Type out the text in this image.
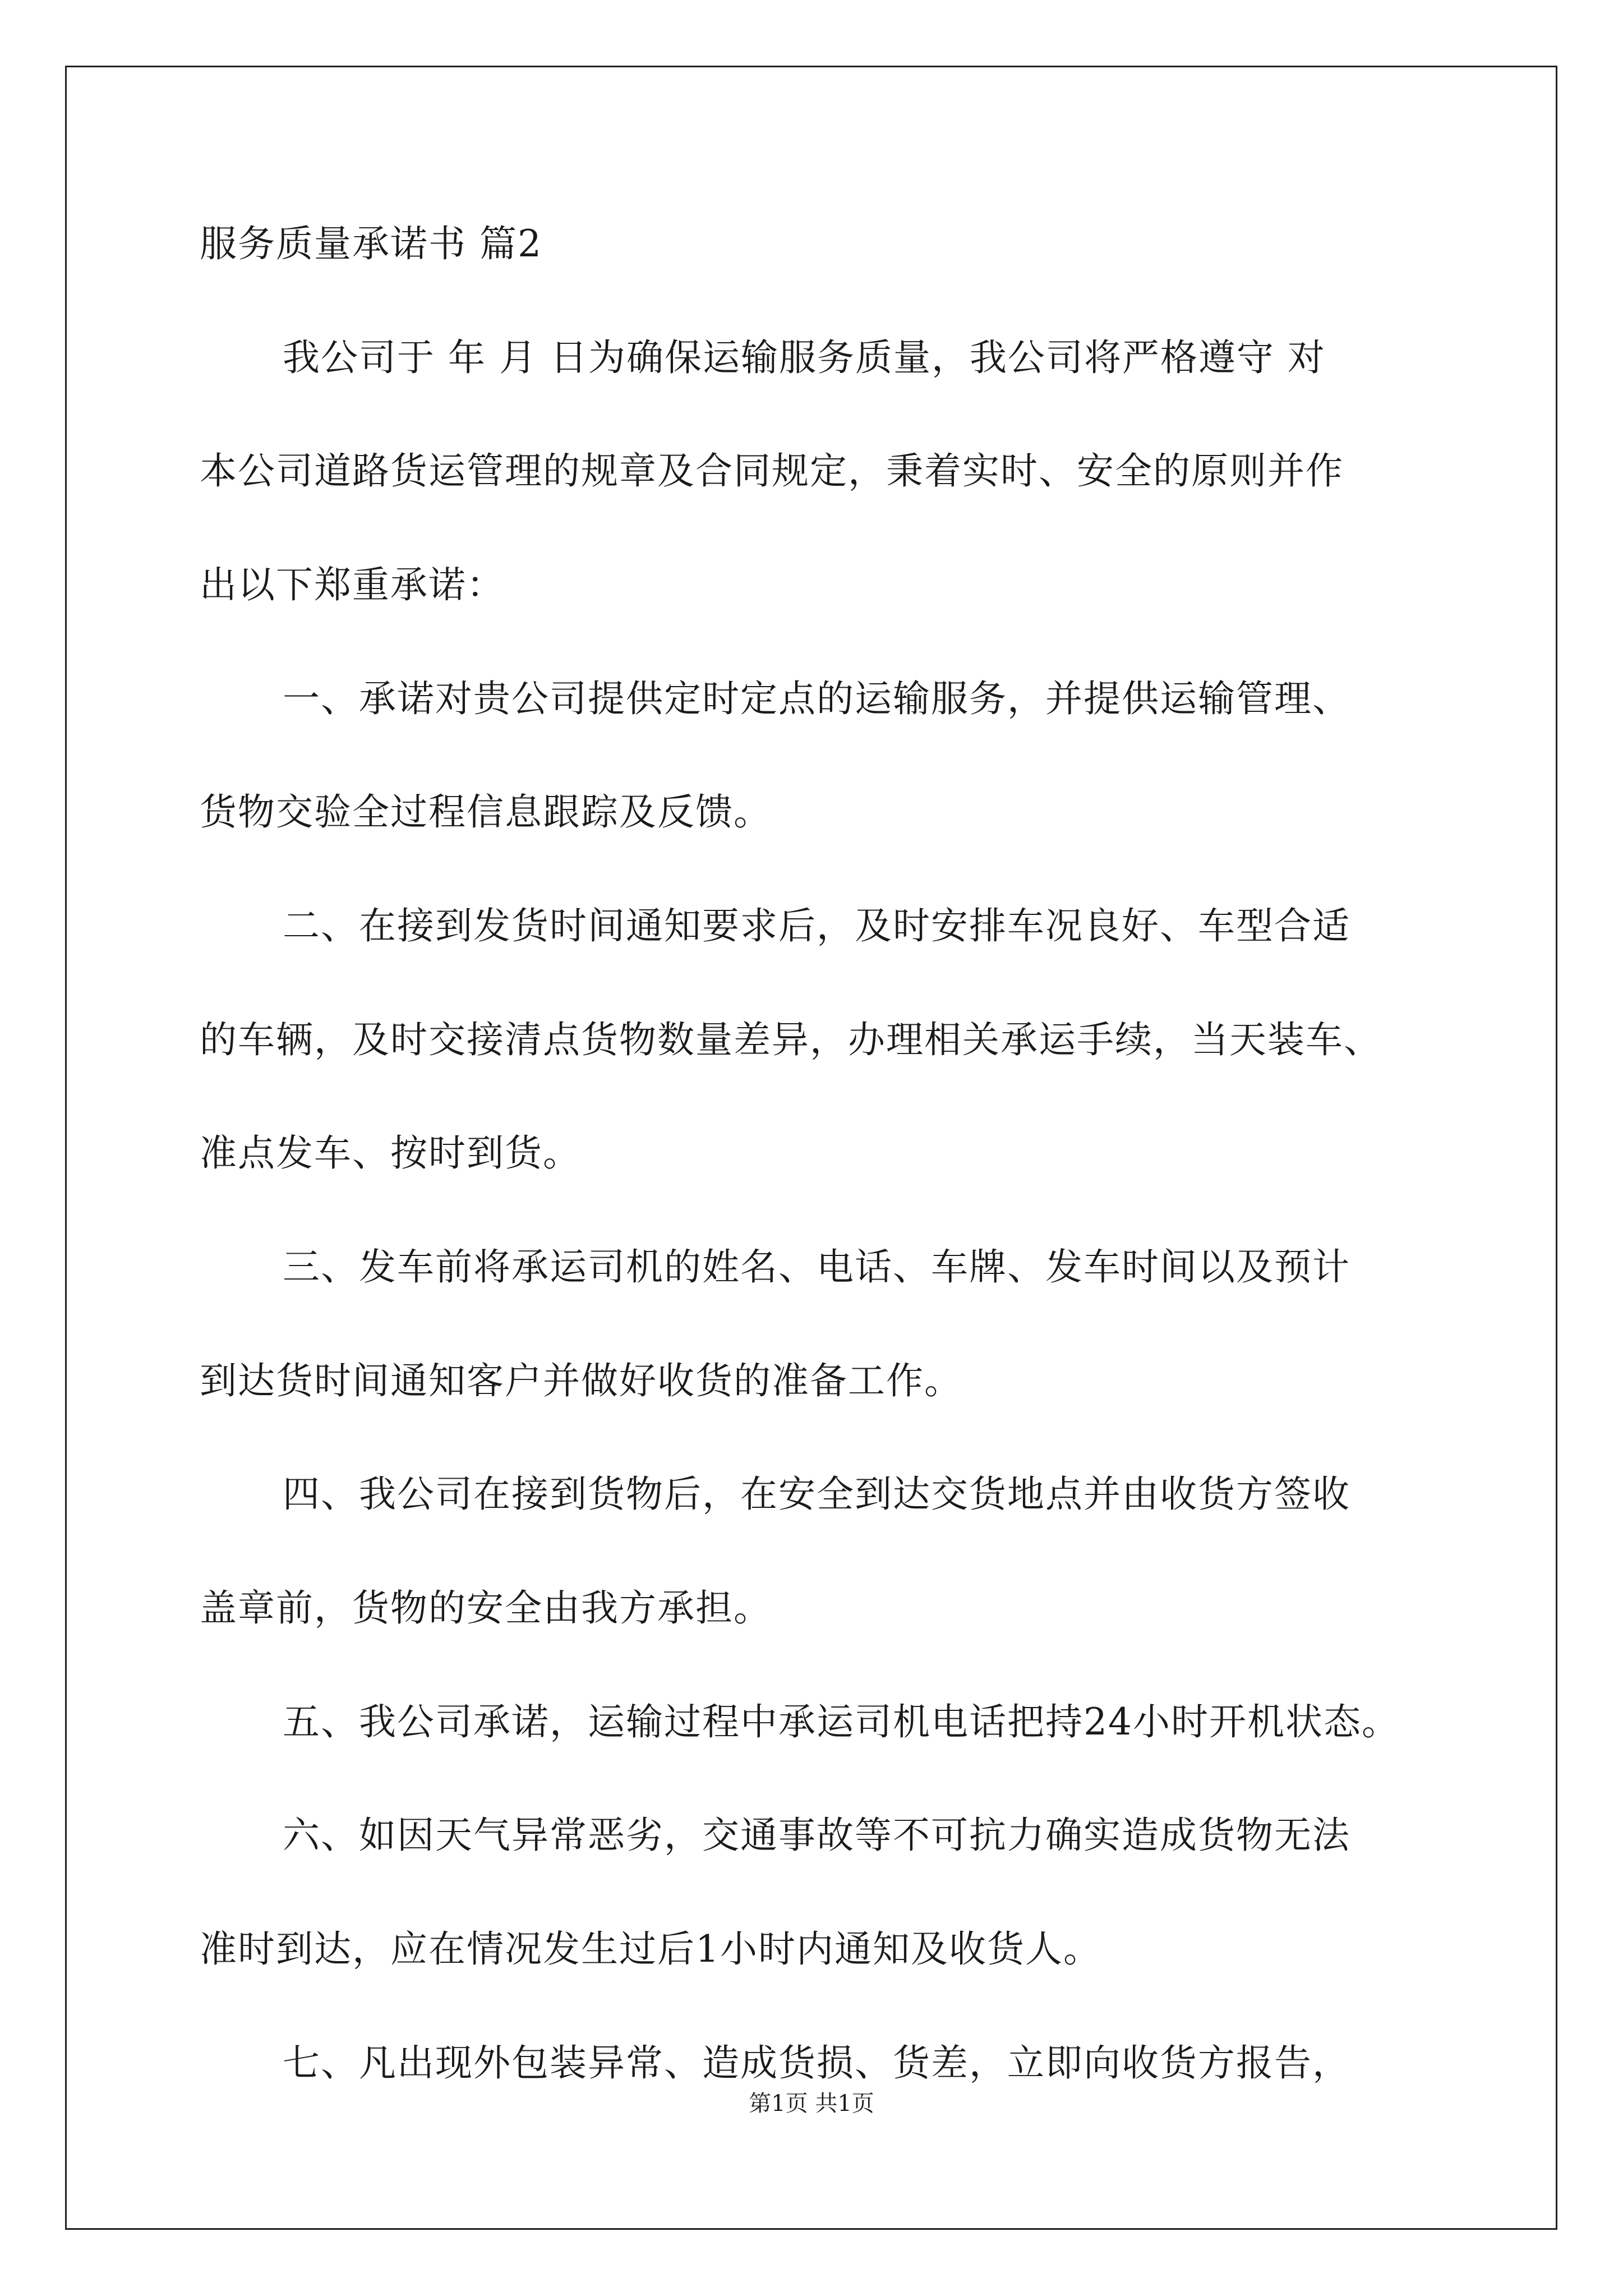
服务质量承诺书 篇2
我公司于 年 月 日为确保运输服务质量，我公司将严格遵守 对
本公司道路货运管理的规章及合同规定，秉着实时、安全的原则并作
出以下郑重承诺：
一、承诺对贵公司提供定时定点的运输服务，并提供运输管理、
货物交验全过程信息跟踪及反馈。
二、在接到发货时间通知要求后，及时安排车况良好、车型合适
的车辆，及时交接清点货物数量差异，办理相关承运手续，当天装车、
准点发车、按时到货。
三、发车前将承运司机的姓名、电话、车牌、发车时间以及预计
到达货时间通知客户并做好收货的准备工作。
四、我公司在接到货物后，在安全到达交货地点并由收货方签收
盖章前，货物的安全由我方承担。
五、我公司承诺，运输过程中承运司机电话把持24小时开机状态。
六、如因天气异常恶劣，交通事故等不可抗力确实造成货物无法
准时到达，应在情况发生过后1小时内通知及收货人。
七、凡出现外包装异常、造成货损、货差，立即向收货方报告，
第1页 共1页
